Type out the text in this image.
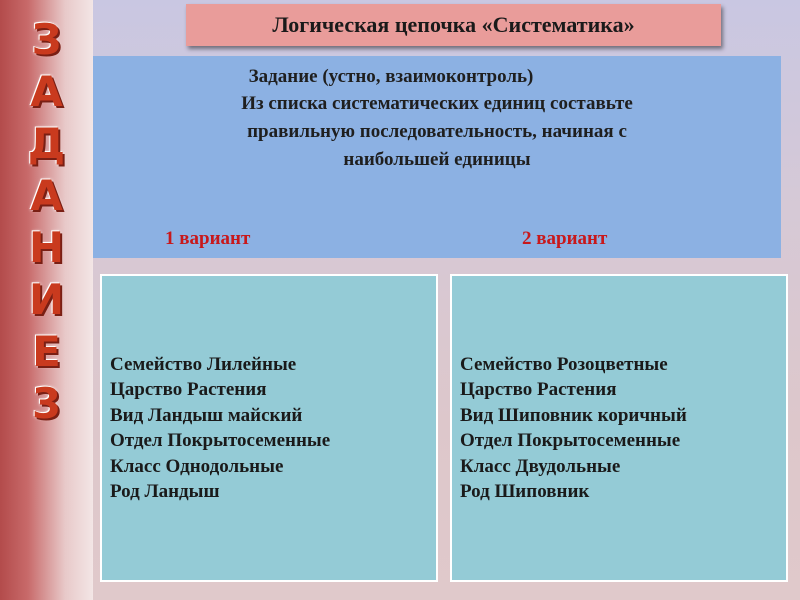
З
А
Д
А
Н
И
Е
3
Логическая цепочка «Систематика»
Задание (устно, взаимоконтроль)
Из списка систематических единиц составьте
правильную последовательность, начиная с
наибольшей единицы
1 вариант	2 вариант
Семейство Лилейные
Царство Растения
Вид Ландыш майский
Отдел Покрытосеменные
Класс Однодольные
Род Ландыш
Семейство Розоцветные
Царство Растения
Вид Шиповник коричный
Отдел Покрытосеменные
Класс Двудольные
Род Шиповник
